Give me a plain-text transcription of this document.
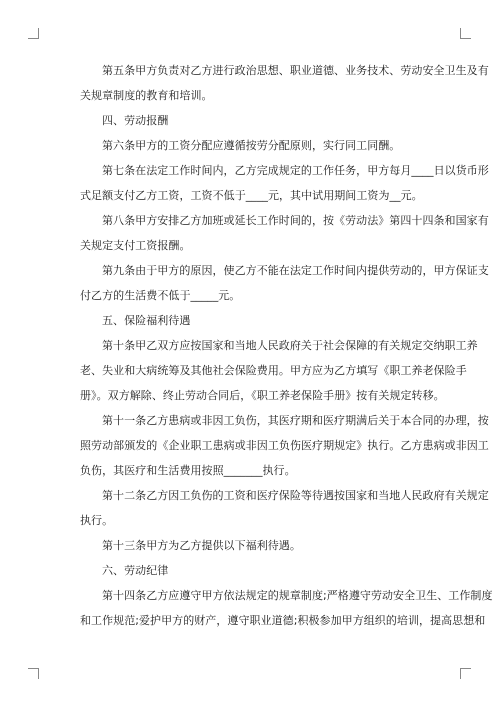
第五条甲方负责对乙方进行政治思想、职业道德、业务技术、劳动安全卫生及有
关规章制度的教育和培训。
四、劳动报酬
第六条甲方的工资分配应遵循按劳分配原则，实行同工同酬。
第七条在法定工作时间内，乙方完成规定的工作任务，甲方每月____日以货币形
式足额支付乙方工资，工资不低于____元，其中试用期间工资为__元。
第八条甲方安排乙方加班或延长工作时间的，按《劳动法》第四十四条和国家有
关规定支付工资报酬。
第九条由于甲方的原因，使乙方不能在法定工作时间内提供劳动的，甲方保证支
付乙方的生活费不低于_____元。
五、保险福利待遇
第十条甲乙双方应按国家和当地人民政府关于社会保障的有关规定交纳职工养
老、失业和大病统筹及其他社会保险费用。甲方应为乙方填写《职工养老保险手
册》。双方解除、终止劳动合同后，《职工养老保险手册》按有关规定转移。
第十一条乙方患病或非因工负伤，其医疗期和医疗期满后关于本合同的办理，按
照劳动部颁发的《企业职工患病或非因工负伤医疗期规定》执行。乙方患病或非因工
负伤，其医疗和生活费用按照_______执行。
第十二条乙方因工负伤的工资和医疗保险等待遇按国家和当地人民政府有关规定
执行。
第十三条甲方为乙方提供以下福利待遇。
六、劳动纪律
第十四条乙方应遵守甲方依法规定的规章制度;严格遵守劳动安全卫生、工作制度
和工作规范;爱护甲方的财产，遵守职业道德;积极参加甲方组织的培训，提高思想和
